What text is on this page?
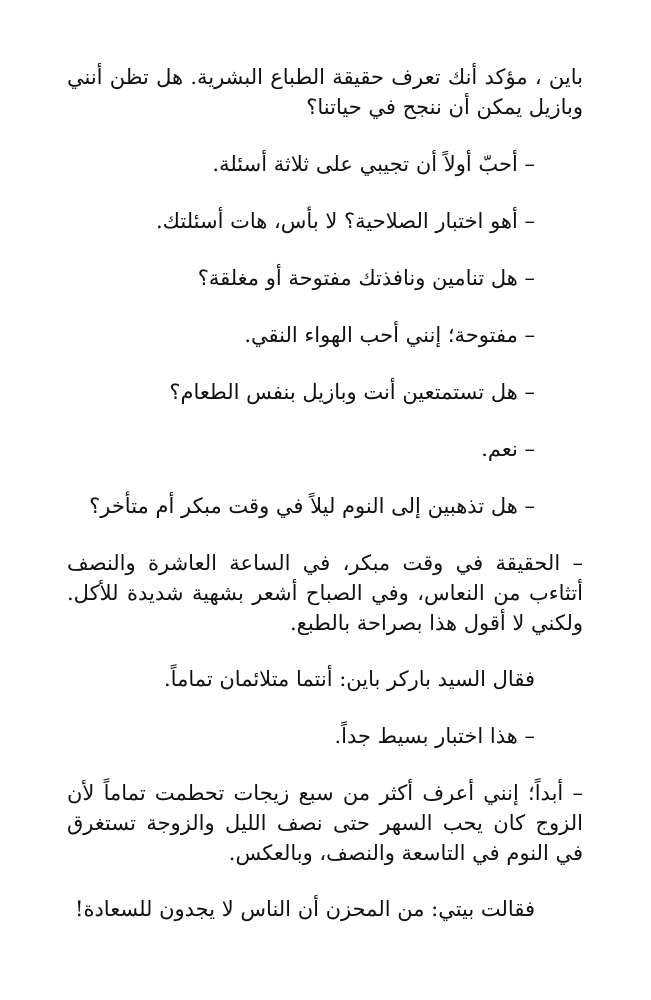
باين ، مؤكد أنك تعرف حقيقة الطباع البشرية. هل تظن أنني وبازيل يمكن أن ننجح في حياتنا؟

– أحبّ أولاً أن تجيبي على ثلاثة أسئلة.

– أهو اختبار الصلاحية؟ لا بأس، هات أسئلتك.

– هل تنامين ونافذتك مفتوحة أو مغلقة؟

– مفتوحة؛ إنني أحب الهواء النقي.

– هل تستمتعين أنت وبازيل بنفس الطعام؟

– نعم.

– هل تذهبين إلى النوم ليلاً في وقت مبكر أم متأخر؟

– الحقيقة في وقت مبكر، في الساعة العاشرة والنصف أتثاءب من النعاس، وفي الصباح أشعر بشهية شديدة للأكل. ولكني لا أقول هذا بصراحة بالطبع.

فقال السيد باركر باين: أنتما متلائمان تماماً.

– هذا اختبار بسيط جداً.

– أبداً؛ إنني أعرف أكثر من سبع زيجات تحطمت تماماً لأن الزوج كان يحب السهر حتى نصف الليل والزوجة تستغرق في النوم في التاسعة والنصف، وبالعكس.

فقالت بيتي: من المحزن أن الناس لا يجدون للسعادة!
